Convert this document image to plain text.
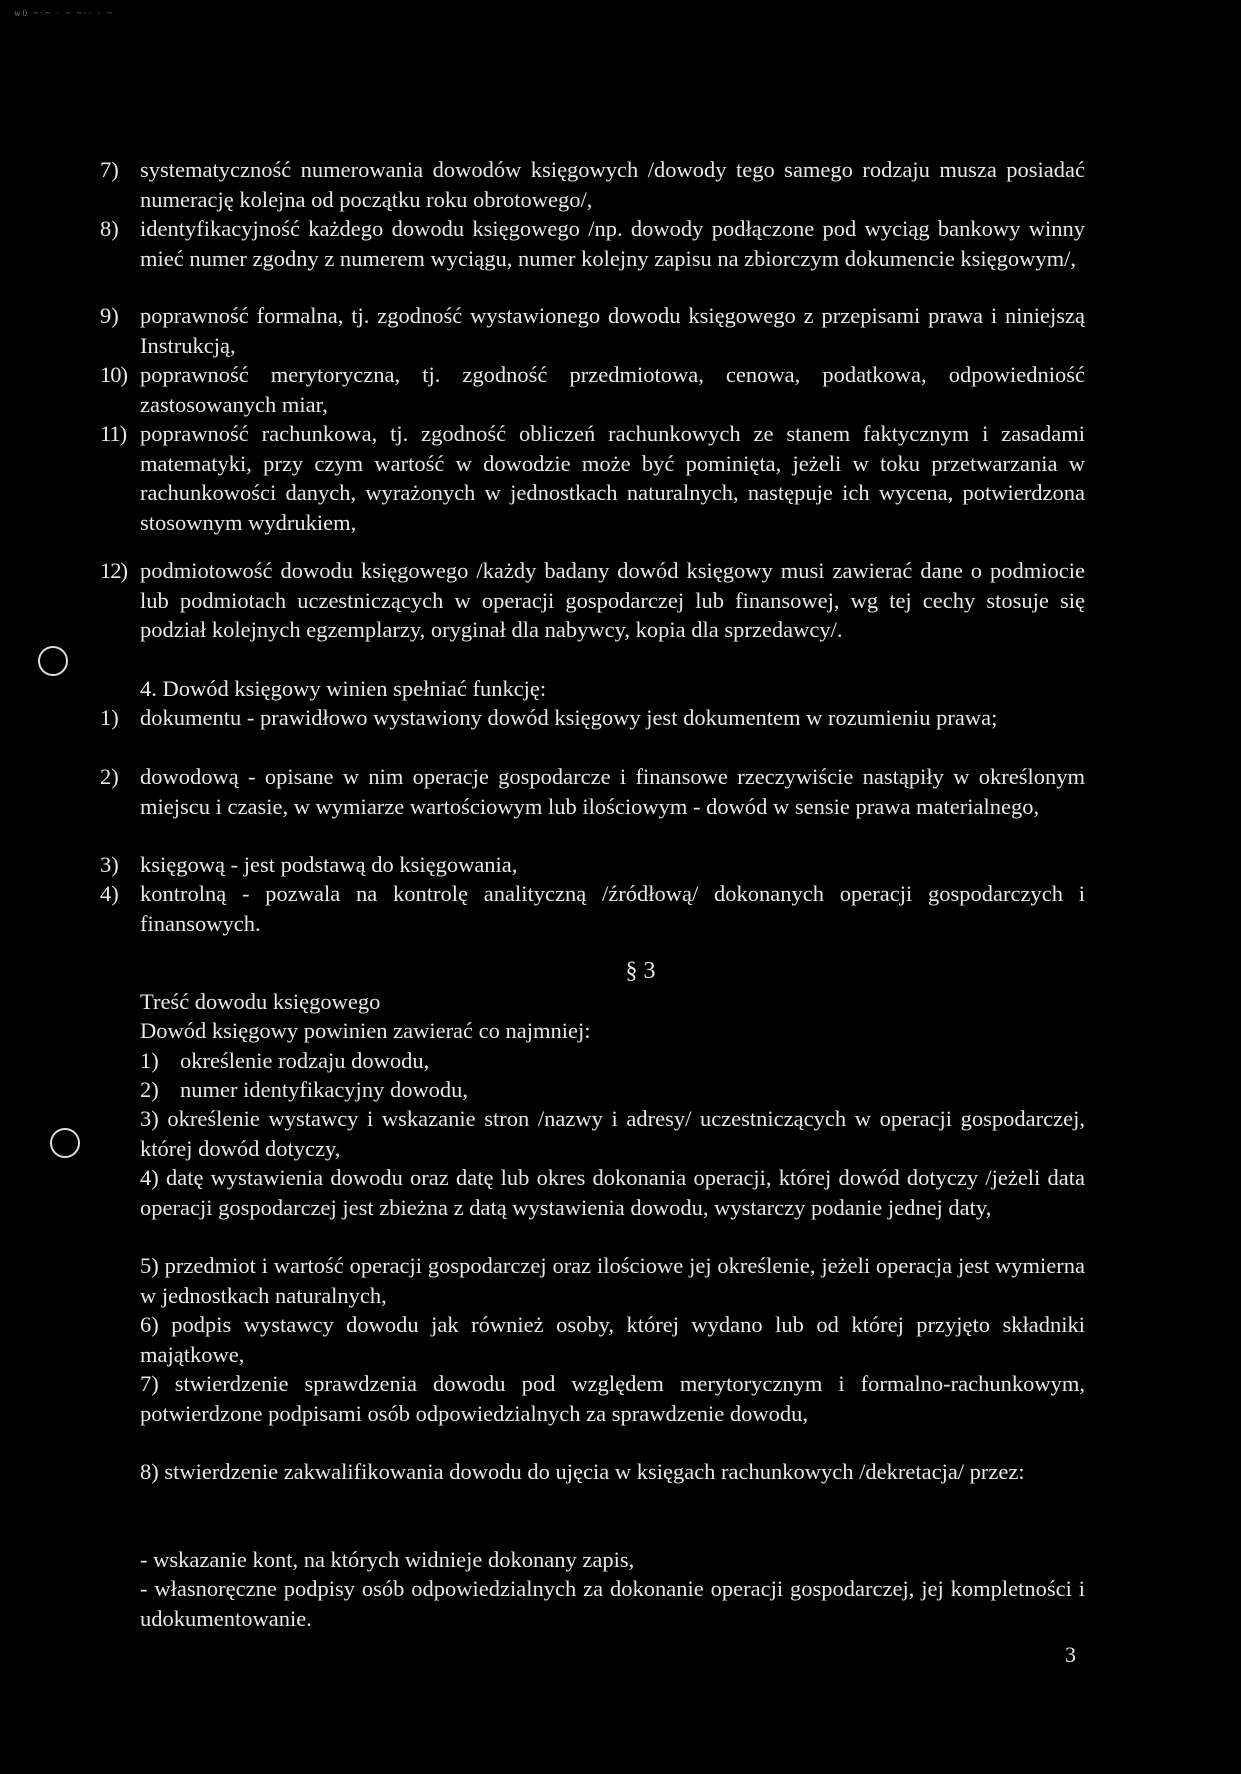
w0 ~·~ · ~ ~·· · ~
7) systematyczność numerowania dowodów księgowych /dowody tego samego rodzaju musza posiadać numerację kolejna od początku roku obrotowego/,
8) identyfikacyjność każdego dowodu księgowego /np. dowody podłączone pod wyciąg bankowy winny mieć numer zgodny z numerem wyciągu, numer kolejny zapisu na zbiorczym dokumencie księgowym/,
9) poprawność formalna, tj. zgodność wystawionego dowodu księgowego z przepisami prawa i niniejszą Instrukcją,
10) poprawność merytoryczna, tj. zgodność przedmiotowa, cenowa, podatkowa, odpowiedniość zastosowanych miar,
11) poprawność rachunkowa, tj. zgodność obliczeń rachunkowych ze stanem faktycznym i zasadami matematyki, przy czym wartość w dowodzie może być pominięta, jeżeli w toku przetwarzania w rachunkowości danych, wyrażonych w jednostkach naturalnych, następuje ich wycena, potwierdzona stosownym wydrukiem,
12) podmiotowość dowodu księgowego /każdy badany dowód księgowy musi zawierać dane o podmiocie lub podmiotach uczestniczących w operacji gospodarczej lub finansowej, wg tej cechy stosuje się podział kolejnych egzemplarzy, oryginał dla nabywcy, kopia dla sprzedawcy/.
4. Dowód księgowy winien spełniać funkcję:
1) dokumentu - prawidłowo wystawiony dowód księgowy jest dokumentem w rozumieniu prawa;
2) dowodową - opisane w nim operacje gospodarcze i finansowe rzeczywiście nastąpiły w określonym miejscu i czasie, w wymiarze wartościowym lub ilościowym - dowód w sensie prawa materialnego,
3) księgową - jest podstawą do księgowania,
4) kontrolną - pozwala na kontrolę analityczną /źródłową/ dokonanych operacji gospodarczych i finansowych.
§ 3
Treść dowodu księgowego
Dowód księgowy powinien zawierać co najmniej:
1) określenie rodzaju dowodu,
2) numer identyfikacyjny dowodu,
3) określenie wystawcy i wskazanie stron /nazwy i adresy/ uczestniczących w operacji gospodarczej, której dowód dotyczy,
4) datę wystawienia dowodu oraz datę lub okres dokonania operacji, której dowód dotyczy /jeżeli data operacji gospodarczej jest zbieżna z datą wystawienia dowodu, wystarczy podanie jednej daty,
5) przedmiot i wartość operacji gospodarczej oraz ilościowe jej określenie, jeżeli operacja jest wymierna w jednostkach naturalnych,
6) podpis wystawcy dowodu jak również osoby, której wydano lub od której przyjęto składniki majątkowe,
7) stwierdzenie sprawdzenia dowodu pod względem merytorycznym i formalno-rachunkowym, potwierdzone podpisami osób odpowiedzialnych za sprawdzenie dowodu,
8) stwierdzenie zakwalifikowania dowodu do ujęcia w księgach rachunkowych /dekretacja/ przez:
- wskazanie kont, na których widnieje dokonany zapis,
- własnoręczne podpisy osób odpowiedzialnych za dokonanie operacji gospodarczej, jej kompletności i udokumentowanie.
3
